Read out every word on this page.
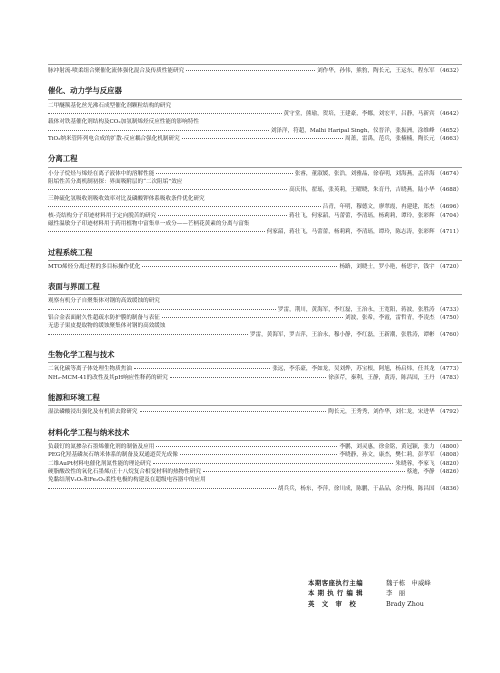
脉冲射流-喷柔组合聚催化流体强化混合及传质性能研究	刘作华，孙伟，熊豹，陶长元，王运东，程东军 （4632）
催化、动力学与反应器
二甲醚羰基化丝光沸石成型催化剂颗粒结构的研究
黄守堂，熊瑜，贺培，王建豪，李娜，刘宏平，吕静，马新宾 （4642）
载体对铁基催化剂结构及CO₂加氢制烯烃反应性能的影响特性
刘泽洋，符超，Malhi Haripal Singh，仪晋洋，张振洲，涂维峰 （4652）
TiO₂纳米管阵列电合成的扩散-反应耦合强化机制研究	周萧，雷禹，范兵，张楠楠，陶长元 （4663）
分离工程
小分子烷烃与烯烃在离子液体中的溶解性能	张睿，董淑媛，张浩，刘雅晶，徐春明，刘海燕，孟祥海 （4674）
阻垢性苦分离机制初探：界面吸附层的“二次阻垢”效应
高庆伟，翟瑶，张英莉，王曜晓，朱育丹，吉晓燕，陆小华 （4688）
三种硫化氢吸收剂吸收效率对比及磷酸钾体系吸收条件优化研究
吕青，年明，穆德文，廖翠霞，冉建建，郑杰 （4696）
核-壳结构分子印迹材料用于定向脱苦的研究	蒋壮飞，何家韶，马蕾蕾，李清瑶，杨莉莉，谭玲，张彩辉 （4704）
磁性温敏分子印迹材料用于药用植物中富集单一成分——芒柄花黄素的分离与富集
何家韶，蒋壮飞，马蕾蕾，杨莉莉，李清瑶，谭玲，陈志涛，张彩辉 （4711）
过程系统工程
MTO烯烃分离过程的多目标操作优化	杨路，刘晓士，罗小艳，杨思宇，钱宇 （4720）
表面与界面工程
观察有机分子自聚集体对钢的高效缓蚀的研究
罗雷，荆川，黄海军，李红磊，王治永，王宽阳，蒋波，张胜涛 （4733）
铝合金表面耐久性超疏水防护膜的制备与表征	刘波，张希，李霞，雷哲青，李凌杰 （4750）
无患子果皮提取物的缓蚀聚集体对钢的高效缓蚀
罗雷，黄海军，罗吉萍，王治永，穆小静，李红磊，王新潮，张胜涛，谭彬 （4760）
生物化学工程与技术
二氧化碳等离子体处理生物质焦油	张远，李乐豪，李如龙，吴刘烨，苏宝根，阿旭，杨启炜，任其龙 （4773）
NH₂-MCM-41的改性及其pH响应性释药的研究	徐彦芹，秦利，王静，黄涛，陈昌国，王丹 （4783）
能源和环境工程
湿法磷酸浸出强化及有机质去除研究	陶长元，王秀秀，刘作华，刘仁龙，宋进华 （4792）
材料化学工程与纳米技术
负载钌的氮掺杂石墨烯催化剂的制备及应用	李鹏，刘灵惠，徐金铭，黄冠颖，张力 （4800）
PEG化羟基磷灰石纳米体系的制备及双通道荧光成像	李晓静，孙文，康杰，樊仁莉，彭孝军 （4808）
二维AuPt材料电催化剂氮性能的理论研究	朱晓蓉，李家飞 （4820）
硬脂酸改性的氧化石墨烯/正十八烷复合相变材料的热物性研究	蔡迪，李静 （4826）
免黏结剂V₂O₅和Fe₂O₃柔性电极的构建及在超级电容器中的应用
胡兵兵，杨东，李萍，徐川成，陈鹏，于品品，余丹梅，陈昌国 （4836）
本期客座执行主编	魏子栋　申威峰
本 期 执 行 编 辑	李　丽
英　文　审　校	Brady Zhou
